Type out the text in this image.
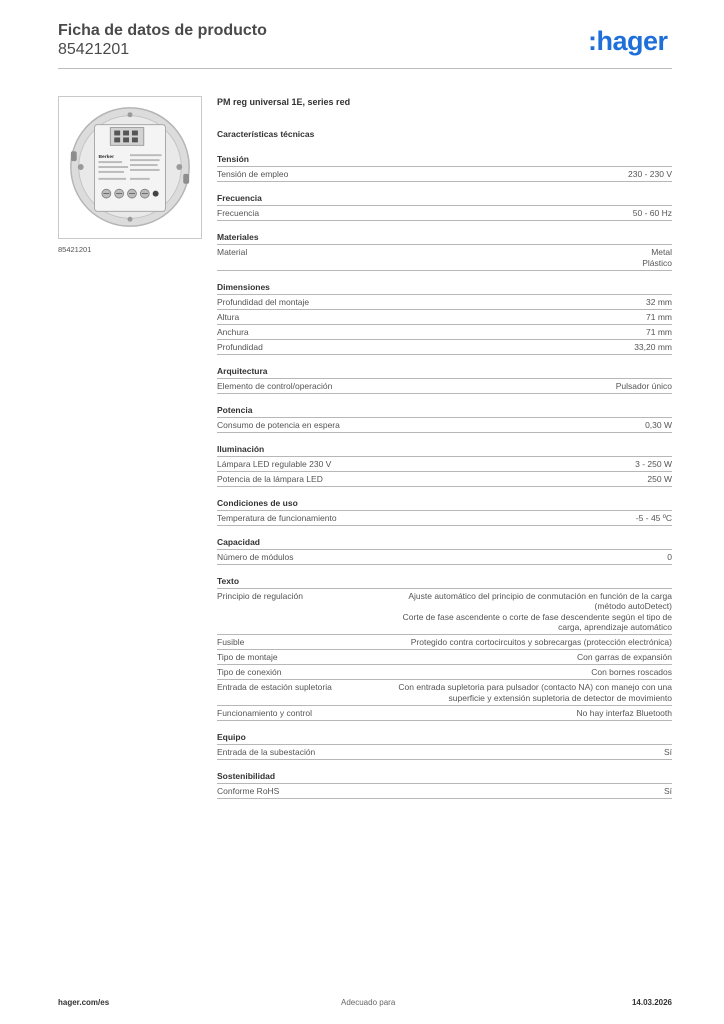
Ficha de datos de producto
85421201	:hager
Berker
85421201
PM reg universal 1E, series red
Características técnicas
Tensión
Tensión de empleo	230 - 230 V
Frecuencia
Frecuencia	50 - 60 Hz
Materiales
Material	Metal
Plástico
Dimensiones
Profundidad del montaje	32 mm
Altura	71 mm
Anchura	71 mm
Profundidad	33,20 mm
Arquitectura
Elemento de control/operación	Pulsador único
Potencia
Consumo de potencia en espera	0,30 W
Iluminación
Lámpara LED regulable 230 V	3 - 250 W
Potencia de la lámpara LED	250 W
Condiciones de uso
Temperatura de funcionamiento	-5 - 45 ºC
Capacidad
Número de módulos	0
Texto
Principio de regulación	Ajuste automático del principio de conmutación en función de la carga
(método autoDetect)
Corte de fase ascendente o corte de fase descendente según el tipo de
carga, aprendizaje automático
Fusible	Protegido contra cortocircuitos y sobrecargas (protección electrónica)
Tipo de montaje	Con garras de expansión
Tipo de conexión	Con bornes roscados
Entrada de estación supletoria	Con entrada supletoria para pulsador (contacto NA) con manejo con una
superficie y extensión supletoria de detector de movimiento
Funcionamiento y control	No hay interfaz Bluetooth
Equipo
Entrada de la subestación	Sí
Sostenibilidad
Conforme RoHS	Sí
hager.com/es	Adecuado para	14.03.2026
